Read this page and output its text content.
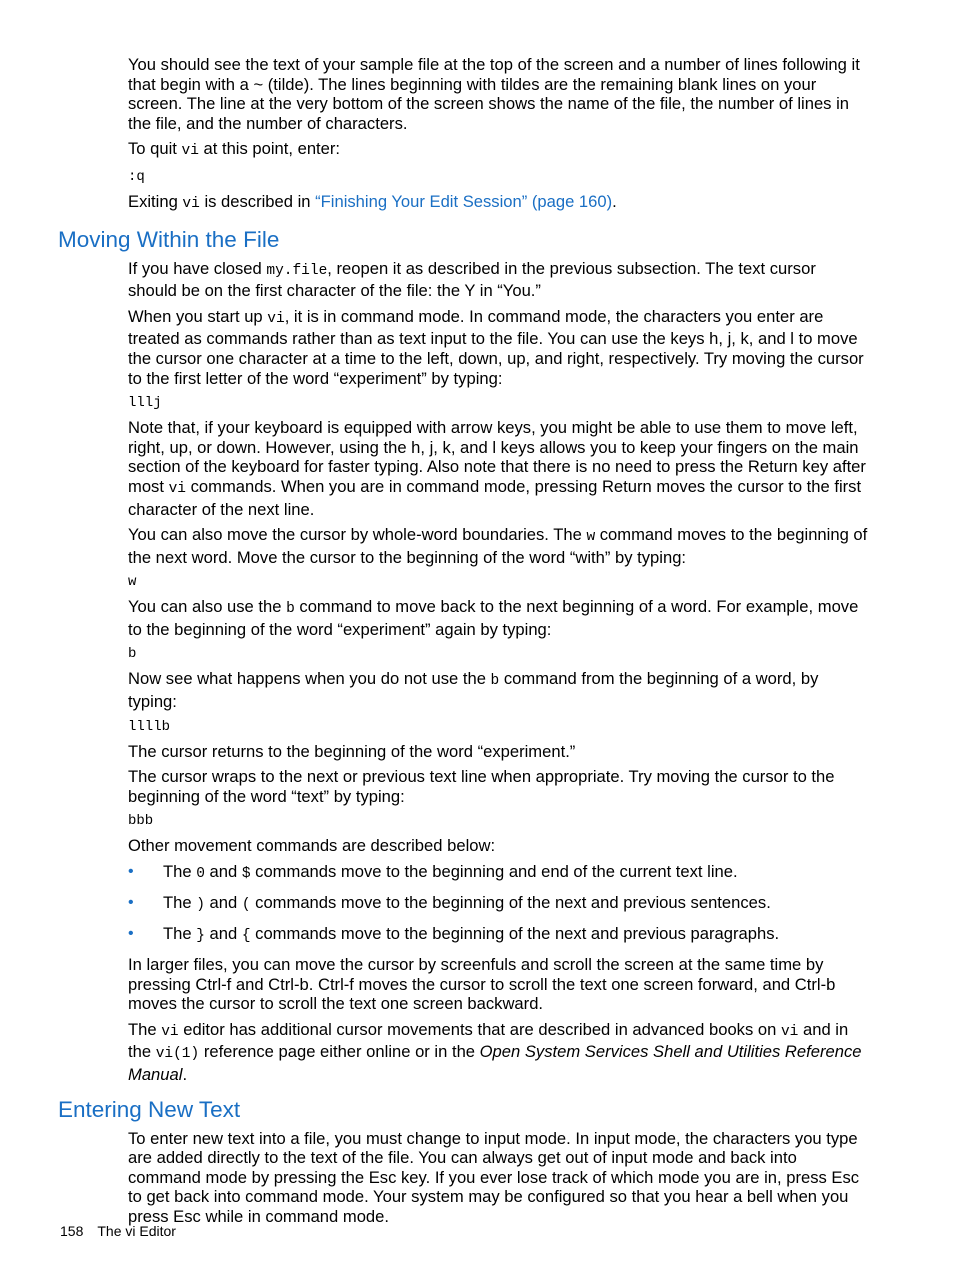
You should see the text of your sample file at the top of the screen and a number of lines following it that begin with a ~ (tilde). The lines beginning with tildes are the remaining blank lines on your screen. The line at the very bottom of the screen shows the name of the file, the number of lines in the file, and the number of characters.

To quit vi at this point, enter:

:q

Exiting vi is described in “Finishing Your Edit Session” (page 160).

Moving Within the File

If you have closed my.file, reopen it as described in the previous subsection. The text cursor should be on the first character of the file: the Y in “You.”

When you start up vi, it is in command mode. In command mode, the characters you enter are treated as commands rather than as text input to the file. You can use the keys h, j, k, and l to move the cursor one character at a time to the left, down, up, and right, respectively. Try moving the cursor to the first letter of the word “experiment” by typing:

lllj

Note that, if your keyboard is equipped with arrow keys, you might be able to use them to move left, right, up, or down. However, using the h, j, k, and l keys allows you to keep your fingers on the main section of the keyboard for faster typing. Also note that there is no need to press the Return key after most vi commands. When you are in command mode, pressing Return moves the cursor to the first character of the next line.

You can also move the cursor by whole-word boundaries. The w command moves to the beginning of the next word. Move the cursor to the beginning of the word “with” by typing:

w

You can also use the b command to move back to the next beginning of a word. For example, move to the beginning of the word “experiment” again by typing:

b

Now see what happens when you do not use the b command from the beginning of a word, by typing:

llllb

The cursor returns to the beginning of the word “experiment.”

The cursor wraps to the next or previous text line when appropriate. Try moving the cursor to the beginning of the word “text” by typing:

bbb

Other movement commands are described below:

• The 0 and $ commands move to the beginning and end of the current text line.
• The ) and ( commands move to the beginning of the next and previous sentences.
• The } and { commands move to the beginning of the next and previous paragraphs.

In larger files, you can move the cursor by screenfuls and scroll the screen at the same time by pressing Ctrl-f and Ctrl-b. Ctrl-f moves the cursor to scroll the text one screen forward, and Ctrl-b moves the cursor to scroll the text one screen backward.

The vi editor has additional cursor movements that are described in advanced books on vi and in the vi(1) reference page either online or in the Open System Services Shell and Utilities Reference Manual.

Entering New Text

To enter new text into a file, you must change to input mode. In input mode, the characters you type are added directly to the text of the file. You can always get out of input mode and back into command mode by pressing the Esc key. If you ever lose track of which mode you are in, press Esc to get back into command mode. Your system may be configured so that you hear a bell when you press Esc while in command mode.

158 The vi Editor
